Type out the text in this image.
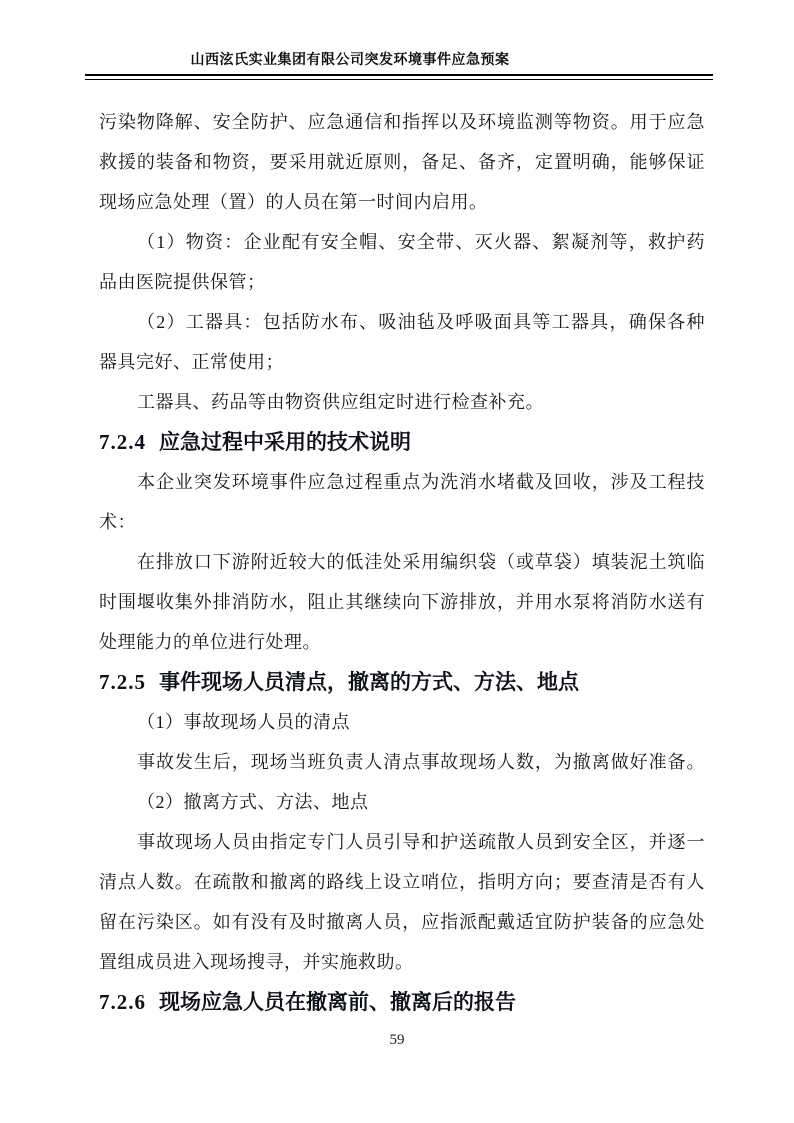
山西泫氏实业集团有限公司突发环境事件应急预案
污染物降解、安全防护、应急通信和指挥以及环境监测等物资。用于应急
救援的装备和物资，要采用就近原则，备足、备齐，定置明确，能够保证
现场应急处理（置）的人员在第一时间内启用。
（1）物资：企业配有安全帽、安全带、灭火器、絮凝剂等，救护药
品由医院提供保管；
（2）工器具：包括防水布、吸油毡及呼吸面具等工器具，确保各种
器具完好、正常使用；
工器具、药品等由物资供应组定时进行检查补充。
7.2.4 应急过程中采用的技术说明
本企业突发环境事件应急过程重点为洗消水堵截及回收，涉及工程技
术：
在排放口下游附近较大的低洼处采用编织袋（或草袋）填装泥土筑临
时围堰收集外排消防水，阻止其继续向下游排放，并用水泵将消防水送有
处理能力的单位进行处理。
7.2.5 事件现场人员清点，撤离的方式、方法、地点
（1）事故现场人员的清点
事故发生后，现场当班负责人清点事故现场人数，为撤离做好准备。
（2）撤离方式、方法、地点
事故现场人员由指定专门人员引导和护送疏散人员到安全区，并逐一
清点人数。在疏散和撤离的路线上设立哨位，指明方向；要查清是否有人
留在污染区。如有没有及时撤离人员，应指派配戴适宜防护装备的应急处
置组成员进入现场搜寻，并实施救助。
7.2.6 现场应急人员在撤离前、撤离后的报告
59
